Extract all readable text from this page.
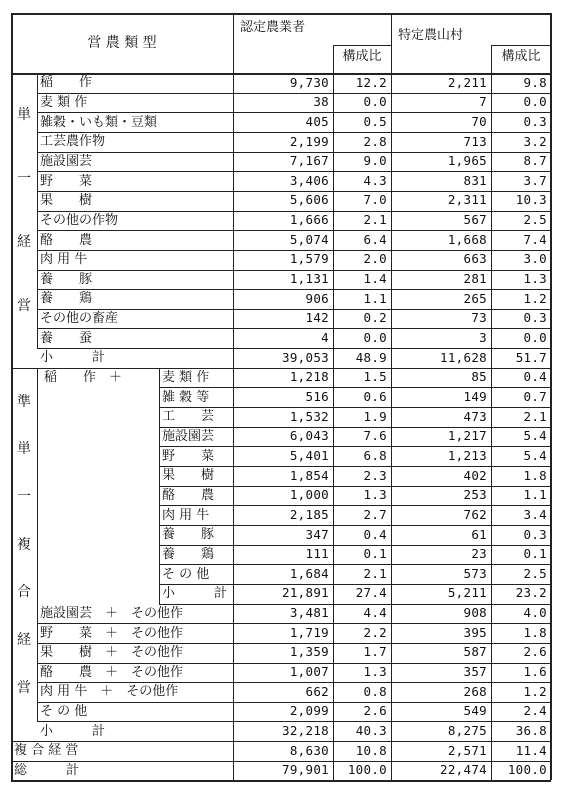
営 農 類 型
認定農業者
特定農山村
構成比	構成比
稲　　作	9,730	12.2	2,211	9.8
麦 類 作	38	0.0	7	0.0
雑穀・いも類・豆類	405	0.5	70	0.3
工芸農作物	2,199	2.8	713	3.2
施設園芸	7,167	9.0	1,965	8.7
野　　菜	3,406	4.3	831	3.7
果　　樹	5,606	7.0	2,311	10.3
その他の作物	1,666	2.1	567	2.5
酪　　農	5,074	6.4	1,668	7.4
肉 用 牛	1,579	2.0	663	3.0
養　　豚	1,131	1.4	281	1.3
養　　鶏	906	1.1	265	1.2
その他の畜産	142	0.2	73	0.3
養　　蚕	4	0.0	3	0.0
小　　　計	39,053	48.9	11,628	51.7
麦 類 作	1,218	1.5	85	0.4
雑 穀 等	516	0.6	149	0.7
工　　芸	1,532	1.9	473	2.1
施設園芸	6,043	7.6	1,217	5.4
野　　菜	5,401	6.8	1,213	5.4
果　　樹	1,854	2.3	402	1.8
酪　　農	1,000	1.3	253	1.1
肉 用 牛	2,185	2.7	762	3.4
養　　豚	347	0.4	61	0.3
養　　鶏	111	0.1	23	0.1
そ の 他	1,684	2.1	573	2.5
小　　　計	21,891	27.4	5,211	23.2
稲　　作　＋
施設園芸　＋　その他作	3,481	4.4	908	4.0
野　　菜　＋　その他作	1,719	2.2	395	1.8
果　　樹　＋　その他作	1,359	1.7	587	2.6
酪　　農　＋　その他作	1,007	1.3	357	1.6
肉 用 牛　＋　その他作	662	0.8	268	1.2
そ の 他	2,099	2.6	549	2.4
小　　　計	32,218	40.3	8,275	36.8
複 合 経 営	8,630	10.8	2,571	11.4
総　　　計	79,901	100.0	22,474	100.0
単
一
経
営
準
単
一
複
合
経
営
